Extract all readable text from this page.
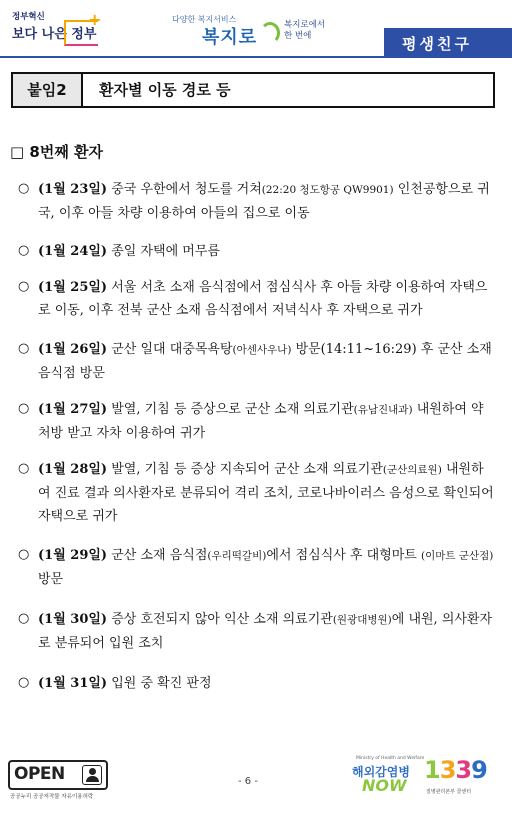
정부혁신
보다 나은 정부
+	다양한 복지서비스
복지로
복지로에서
한 번에	평생친구
붙임2	환자별 이동 경로 등
□ 8번째 환자
○ (1월 23일) 중국 우한에서 청도를 거쳐(22:20 청도항공 QW9901) 인천공항으로 귀국, 이후 아들 차량 이용하여 아들의 집으로 이동
○ (1월 24일) 종일 자택에 머무름
○ (1월 25일) 서울 서초 소재 음식점에서 점심식사 후 아들 차량 이용하여 자택으로 이동, 이후 전북 군산 소재 음식점에서 저녁식사 후 자택으로 귀가
○ (1월 26일) 군산 일대 대중목욕탕(아센사우나) 방문(14:11~16:29) 후 군산 소재 음식점 방문
○ (1월 27일) 발열, 기침 등 증상으로 군산 소재 의료기관(유남진내과) 내원하여 약 처방 받고 자차 이용하여 귀가
○ (1월 28일) 발열, 기침 등 증상 지속되어 군산 소재 의료기관(군산의료원) 내원하여 진료 결과 의사환자로 분류되어 격리 조치, 코로나바이러스 음성으로 확인되어 자택으로 귀가
○ (1월 29일) 군산 소재 음식점(우리떡갈비)에서 점심식사 후 대형마트 (이마트 군산점) 방문
○ (1월 30일) 증상 호전되지 않아 익산 소재 의료기관(원광대병원)에 내원, 의사환자로 분류되어 입원 조치
○ (1월 31일) 입원 중 확진 판정
OPEN
공공누리 공공저작물 자유이용허락
- 6 -
Ministry of Health and Welfare
해외감염병
NOW
1339
질병관리본부 콜센터
